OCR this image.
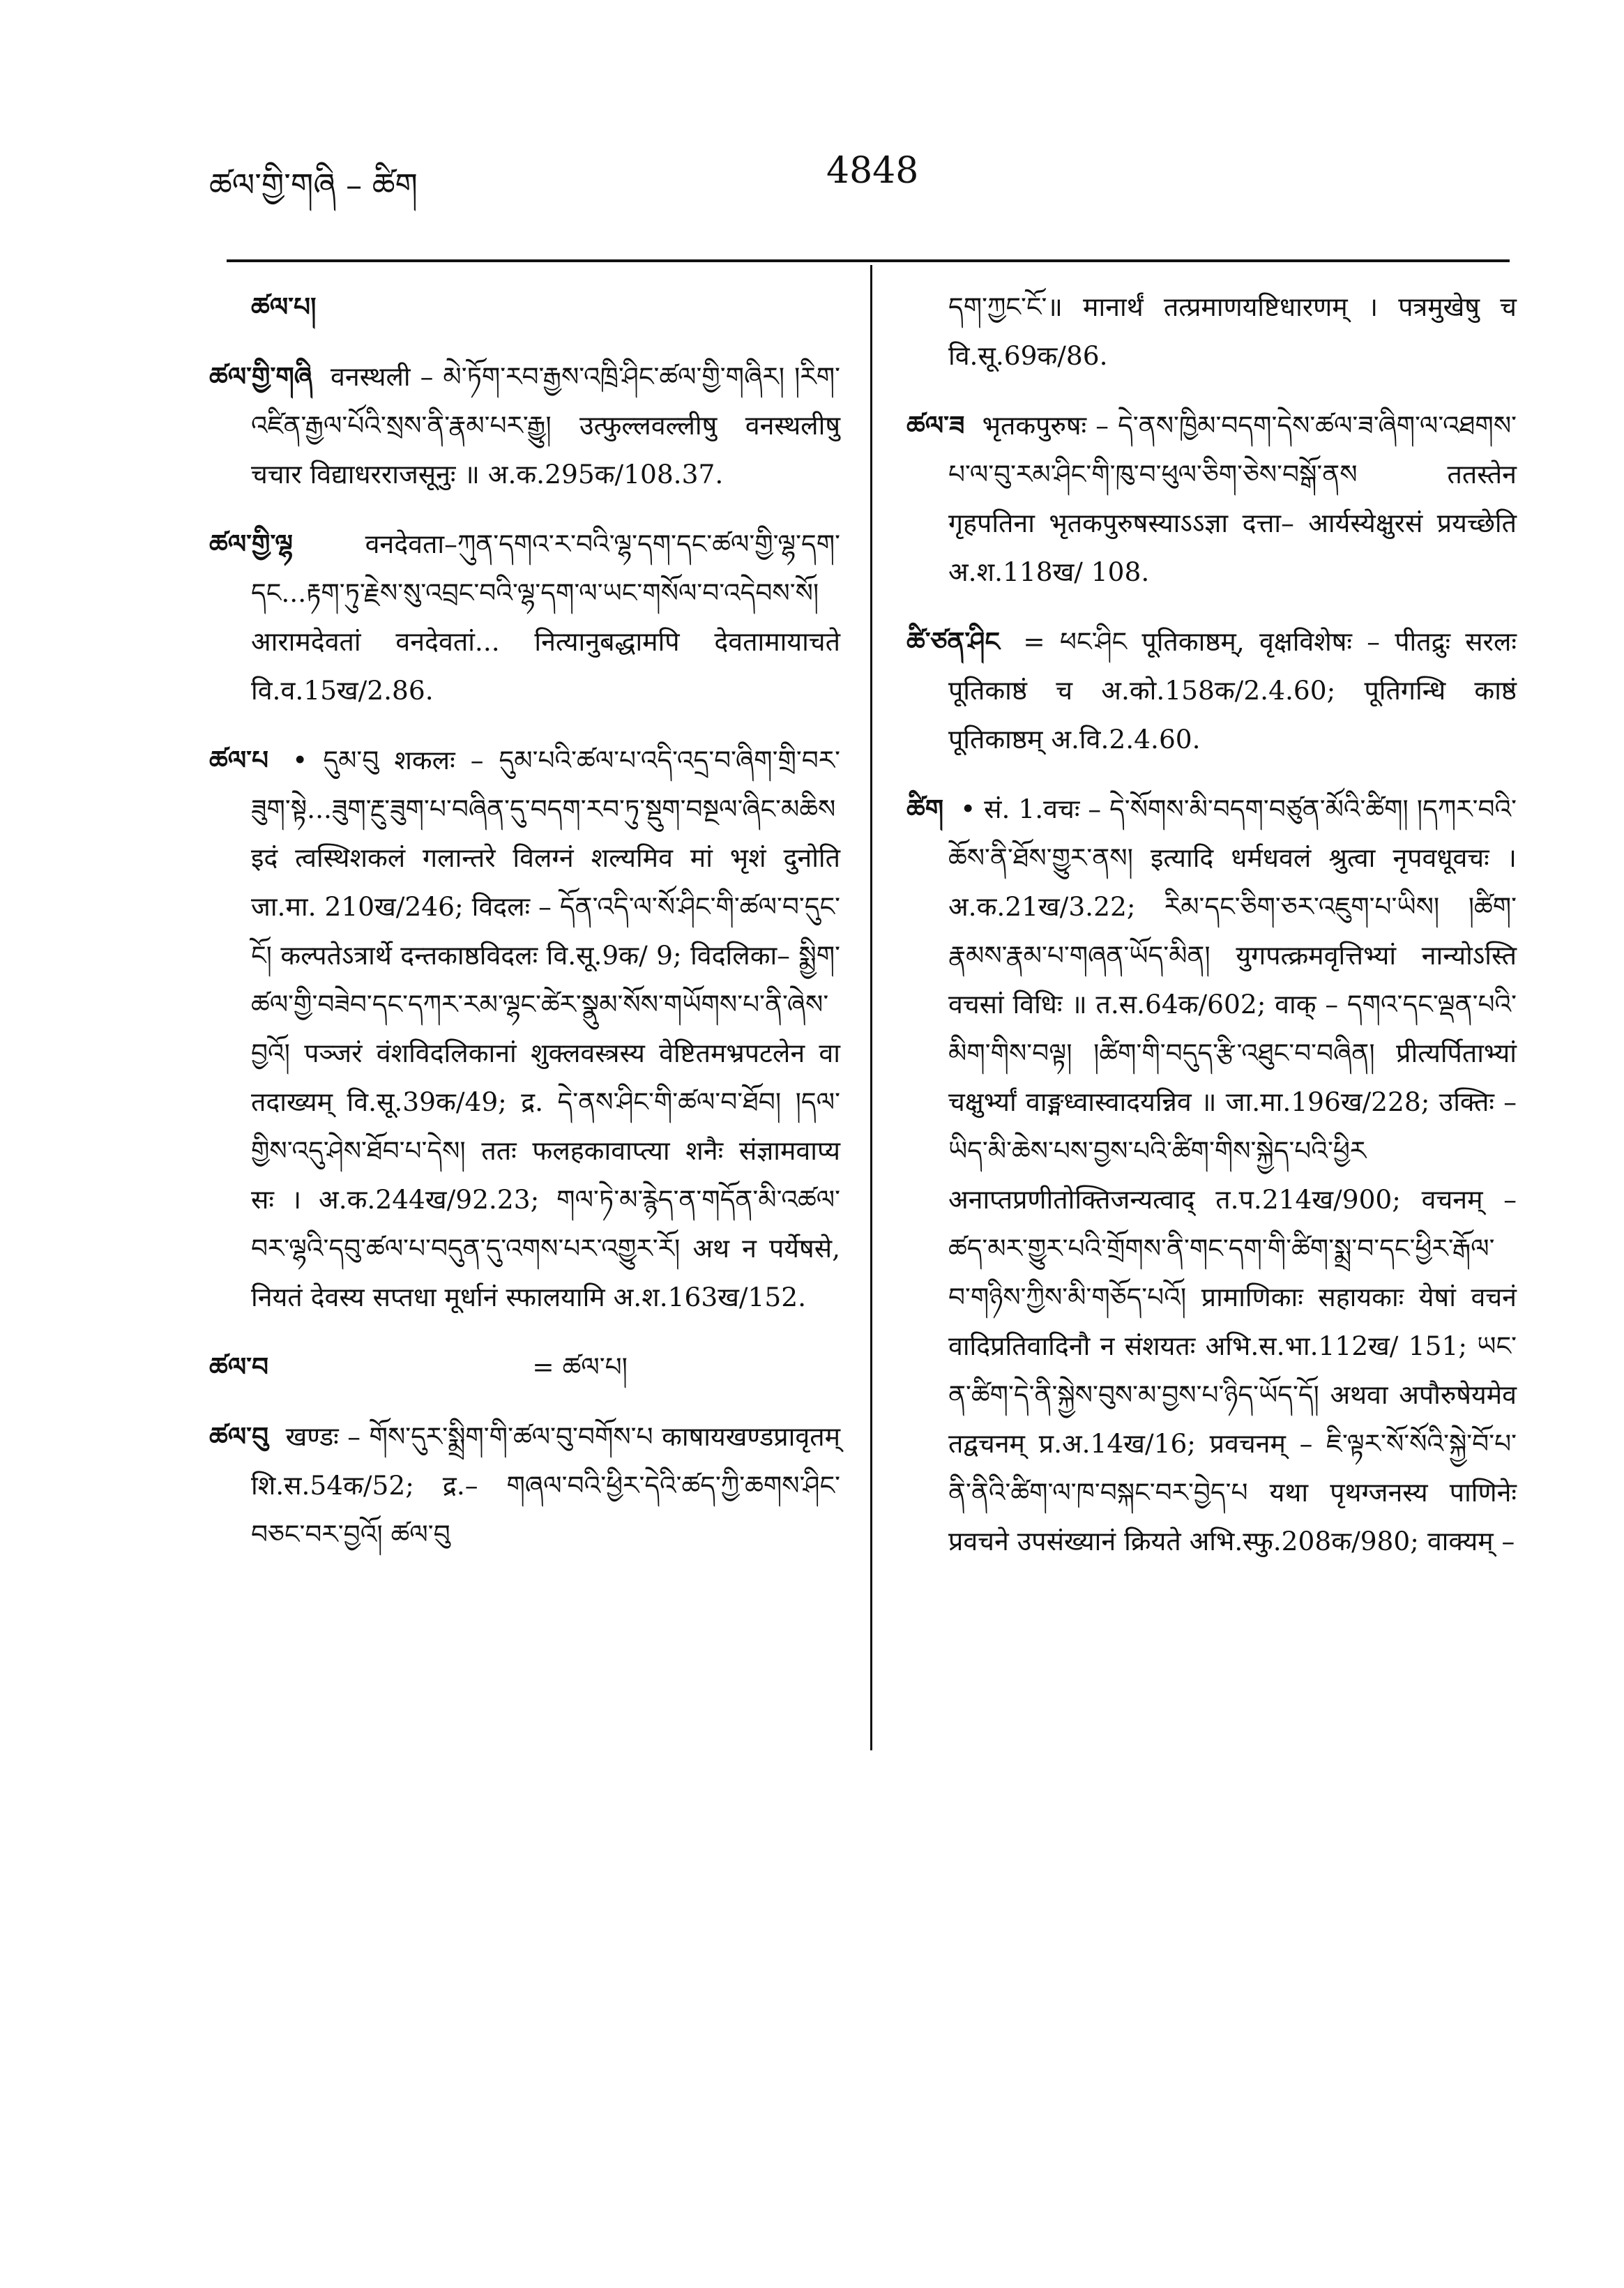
ཚལ་གྱི་གཞི – ཚིག	4848
ཚལ་པ།
ཚལ་གྱི་གཞི वनस्थली – མེ་ཏོག་རབ་རྒྱས་འཁྲི་ཤིང་ཚལ་གྱི་གཞིར། །རིག་འཛིན་རྒྱལ་པོའི་སྲས་ནི་རྣམ་པར་རྒྱུ། उत्फुल्लवल्लीषु वनस्थलीषु चचार विद्याधरराजसूनुः ॥ अ.क.295क/108.37.
ཚལ་གྱི་ལྷ	वनदेवता–ཀུན་དགའ་ར་བའི་ལྷ་དག་དང་ཚལ་གྱི་ལྷ་དག་དང...རྟག་ཏུ་རྗེས་སུ་འབྲང་བའི་ལྷ་དག་ལ་ཡང་གསོལ་བ་འདེབས་སོ། आरामदेवतां वनदेवतां... नित्यानुबद्धामपि देवतामायाचते वि.व.15ख/2.86.
ཚལ་པ • དུམ་བུ शकलः – དུམ་པའི་ཚལ་པ་འདི་འདྲ་བ་ཞིག་གྲི་བར་ཟུག་སྟེ...ཟུག་རྔུ་ཟུག་པ་བཞིན་དུ་བདག་རབ་ཏུ་སྡུག་བསྔལ་ཞིང་མཆིས इदं त्वस्थिशकलं गलान्तरे विलग्नं शल्यमिव मां भृशं दुनोति जा.मा. 210ख/246; विदलः – དོན་འདི་ལ་སོ་ཤིང་གི་ཚལ་བ་དུང་ངོ། कल्पतेऽत्रार्थे दन्तकाष्ठविदलः वि.सू.9क/ 9; विदलिका– སྨྱིག་ཚལ་གྱི་བཟེབ་དང་དཀར་རམ་ལྷང་ཚེར་སྣུམ་སོས་གཡོགས་པ་ནི་ཞེས་བྱའོ། पञ्जरं वंशविदलिकानां शुक्लवस्त्रस्य वेष्टितमभ्रपटलेन वा तदाख्यम् वि.सू.39क/49; द्र. དེ་ནས་ཤིང་གི་ཚལ་བ་ཐོབ། །དལ་གྱིས་འདུ་ཤེས་ཐོབ་པ་དེས། ततः फलहकावाप्त्या शनैः संज्ञामवाप्य सः । अ.क.244ख/92.23; གལ་ཏེ་མ་རྙེད་ན་གདོན་མི་འཚལ་བར་ལྷའི་དབུ་ཚལ་པ་བདུན་དུ་འགས་པར་འགྱུར་རོ། अथ न पर्येषसे, नियतं देवस्य सप्तधा मूर्धानं स्फालयामि अ.श.163ख/152.
ཚལ་བ	= ཚལ་པ།
ཚལ་བུ खण्डः – གོས་དུར་སྨྲིག་གི་ཚལ་བུ་བགོས་པ काषायखण्डप्रावृतम् शि.स.54क/52; द्र.– གཞལ་བའི་ཕྱིར་དེའི་ཚད་ཀྱི་ཆགས་ཤིང་བཅང་བར་བྱའོ། ཚལ་བུ
དག་ཀྱང་ངོ་॥ मानार्थं तत्प्रमाणयष्टिधारणम् । पत्रमुखेषु च वि.सू.69क/86.
ཚལ་ཟ भृतकपुरुषः – དེ་ནས་ཁྱིམ་བདག་དེས་ཚལ་ཟ་ཞིག་ལ་འཐགས་པ་ལ་བུ་རམ་ཤིང་གི་ཁུ་བ་ཕུལ་ཅིག་ཅེས་བསྒོ་ནས ततस्तेन गृहपतिना भृतकपुरुषस्याऽऽज्ञा दत्ता– आर्यस्येक्षुरसं प्रयच्छेति अ.श.118ख/ 108.
ཚི་ཙན་ཤིང = ཕང་ཤིང पूतिकाष्ठम्, वृक्षविशेषः – पीतद्रुः सरलः पूतिकाष्ठं च अ.को.158क/2.4.60; पूतिगन्धि काष्ठं पूतिकाष्ठम् अ.वि.2.4.60.
ཚིག • सं. 1.वचः – དེ་སོགས་མི་བདག་བཙུན་མོའི་ཚིག། །དཀར་བའི་ཆོས་ནི་ཐོས་གྱུར་ནས། इत्यादि धर्मधवलं श्रुत्वा नृपवधूवचः । अ.क.21ख/3.22; རིམ་དང་ཅིག་ཅར་འཇུག་པ་ཡིས། །ཚིག་རྣམས་རྣམ་པ་གཞན་ཡོད་མིན། युगपत्क्रमवृत्तिभ्यां नान्योऽस्ति वचसां विधिः ॥ त.स.64क/602; वाक् – དགའ་དང་ལྡན་པའི་མིག་གིས་བལྟ། །ཚིག་གི་བདུད་རྩི་འཐུང་བ་བཞིན། प्रीत्यर्पिताभ्यां चक्षुर्भ्यां वाङ्मध्वास्वादयन्निव ॥ जा.मा.196ख/228; उक्तिः – ཡིད་མི་ཆེས་པས་བྱས་པའི་ཚིག་གིས་སྐྱེད་པའི་ཕྱིར अनाप्तप्रणीतोक्तिजन्यत्वाद् त.प.214ख/900; वचनम् – ཚད་མར་གྱུར་པའི་གྲོགས་ནི་གང་དག་གི་ཚིག་སྨྲ་བ་དང་ཕྱིར་རྒོལ་བ་གཉིས་ཀྱིས་མི་གཅོད་པའོ། प्रामाणिकाः सहायकाः येषां वचनं वादिप्रतिवादिनौ न संशयतः अभि.स.भा.112ख/ 151; ཡང་ན་ཚིག་དེ་ནི་སྐྱེས་བུས་མ་བྱས་པ་ཉིད་ཡོད་དོ། अथवा अपौरुषेयमेव तद्वचनम् प्र.अ.14ख/16; प्रवचनम् – ཇི་ལྟར་སོ་སོའི་སྐྱེ་བོ་པ་ནི་ནིའི་ཚིག་ལ་ཁ་བསྐང་བར་བྱེད་པ यथा पृथग्जनस्य पाणिनेः प्रवचने उपसंख्यानं क्रियते अभि.स्फु.208क/980; वाक्यम् –
